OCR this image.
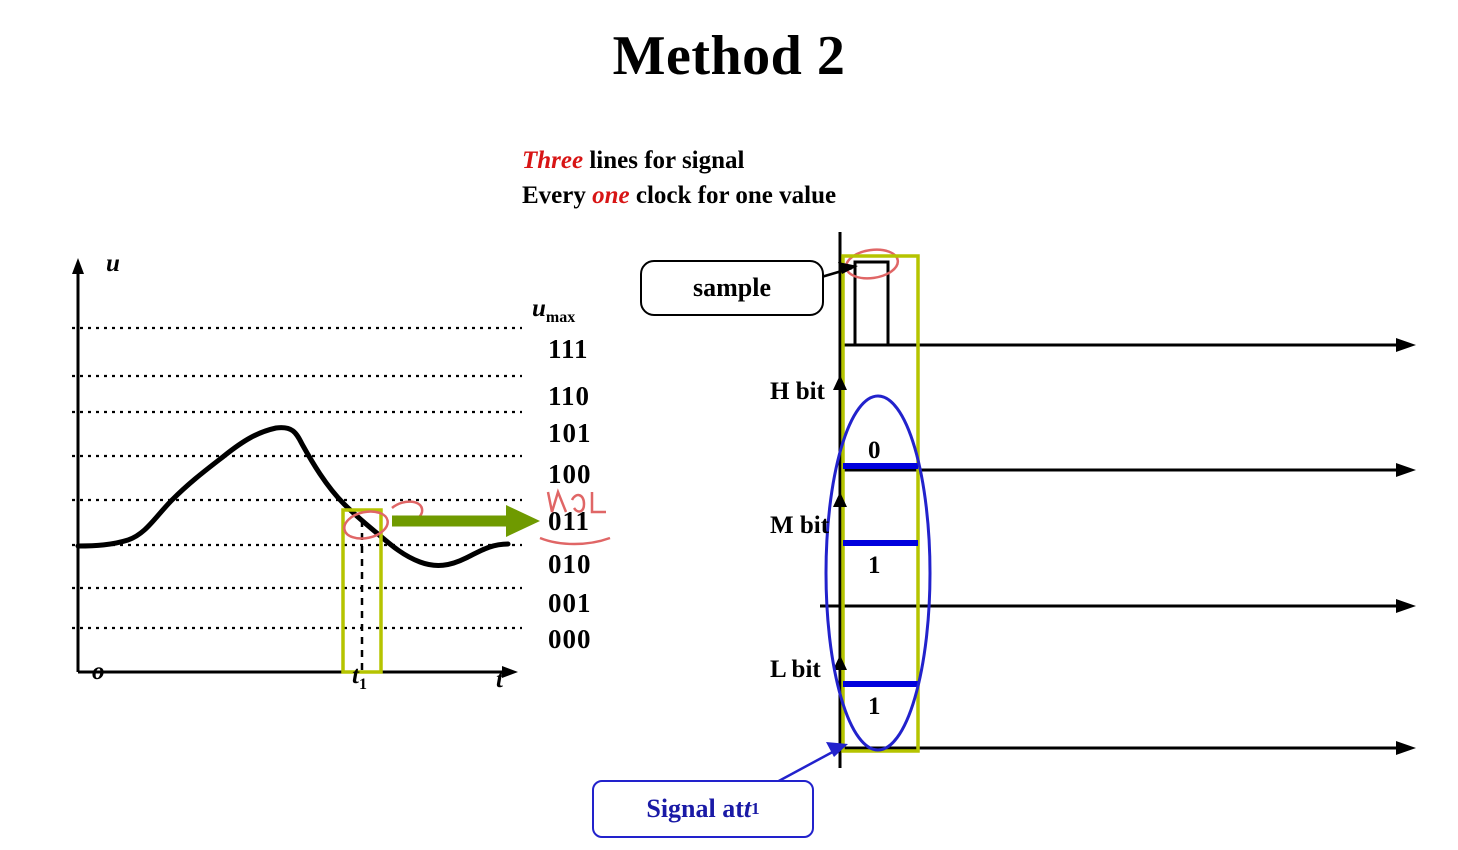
Method 2
Three lines for signal
Every one clock for one value
u
t
o	$t_1$
$u_{max}$
111
110
101
100
011
010
001
000
sample
H bit
M bit
L bit
0
1
1
Signal at t 1
